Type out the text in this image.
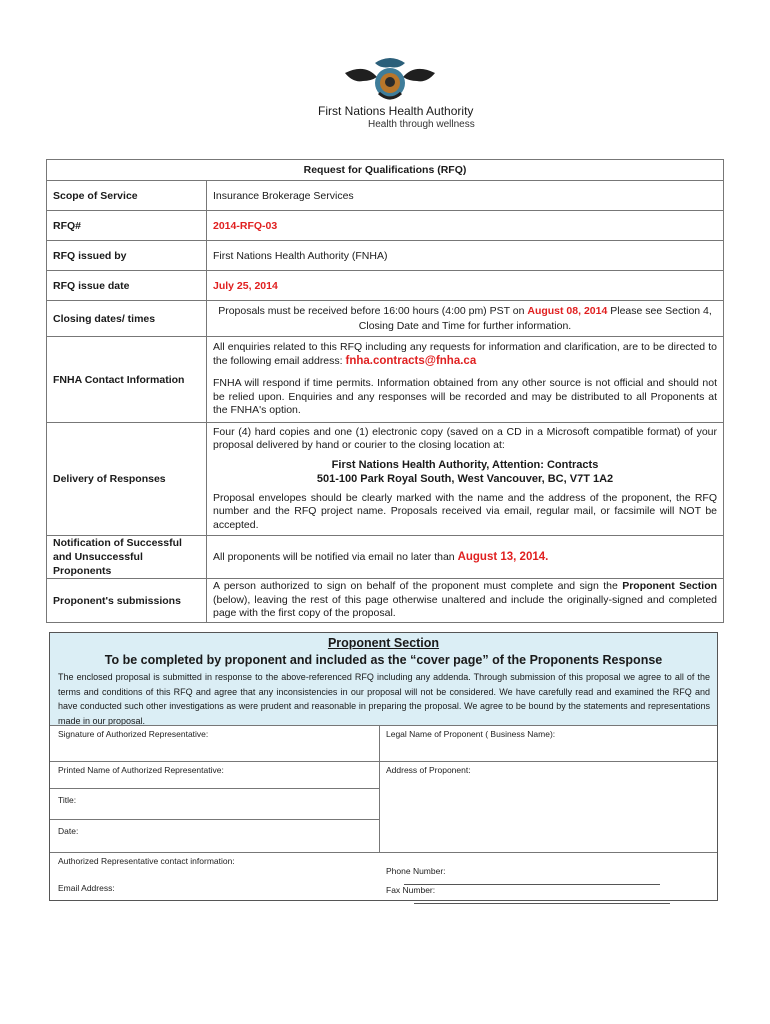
First Nations Health Authority
Health through wellness
Request for Qualifications (RFQ)	
Scope of Service	Insurance Brokerage Services
RFQ#	2014-RFQ-03
RFQ issued by	First Nations Health Authority (FNHA)
RFQ issue date	July 25, 2014
Closing dates/ times	Proposals must be received before 16:00 hours (4:00 pm) PST on August 08, 2014 Please see Section 4, Closing Date and Time for further information.
FNHA Contact Information	All enquiries related to this RFQ including any requests for information and clarification, are to be directed to the following email address: fnha.contracts@fnha.ca
FNHA will respond if time permits. Information obtained from any other source is not official and should not be relied upon. Enquiries and any responses will be recorded and may be distributed to all Proponents at the FNHA's option.

Delivery of Responses	Four (4) hard copies and one (1) electronic copy (saved on a CD in a Microsoft compatible format) of your proposal delivered by hand or courier to the closing location at:
First Nations Health Authority, Attention: Contracts
501-100 Park Royal South, West Vancouver, BC, V7T 1A2
Proposal envelopes should be clearly marked with the name and the address of the proponent, the RFQ number and the RFQ project name. Proposals received via email, regular mail, or facsimile will NOT be accepted.

Notification of Successful and Unsuccessful Proponents	All proponents will be notified via email no later than August 13, 2014.
Proponent's submissions	A person authorized to sign on behalf of the proponent must complete and sign the Proponent Section (below), leaving the rest of this page otherwise unaltered and include the originally-signed and completed page with the first copy of the proposal.
Proponent Section
To be completed by proponent and included as the “cover page” of the Proponents Response
The enclosed proposal is submitted in response to the above-referenced RFQ including any addenda. Through submission of this proposal we agree to all of the terms and conditions of this RFQ and agree that any inconsistencies in our proposal will not be considered. We have carefully read and examined the RFQ and have conducted such other investigations as were prudent and reasonable in preparing the proposal. We agree to be bound by the statements and representations made in our proposal.
Signature of Authorized Representative:	Legal Name of Proponent ( Business Name):
Printed Name of Authorized Representative:	Address of Proponent:
Title:
Date:
Authorized Representative contact information:
Email Address:
Phone Number:
Fax Number:
